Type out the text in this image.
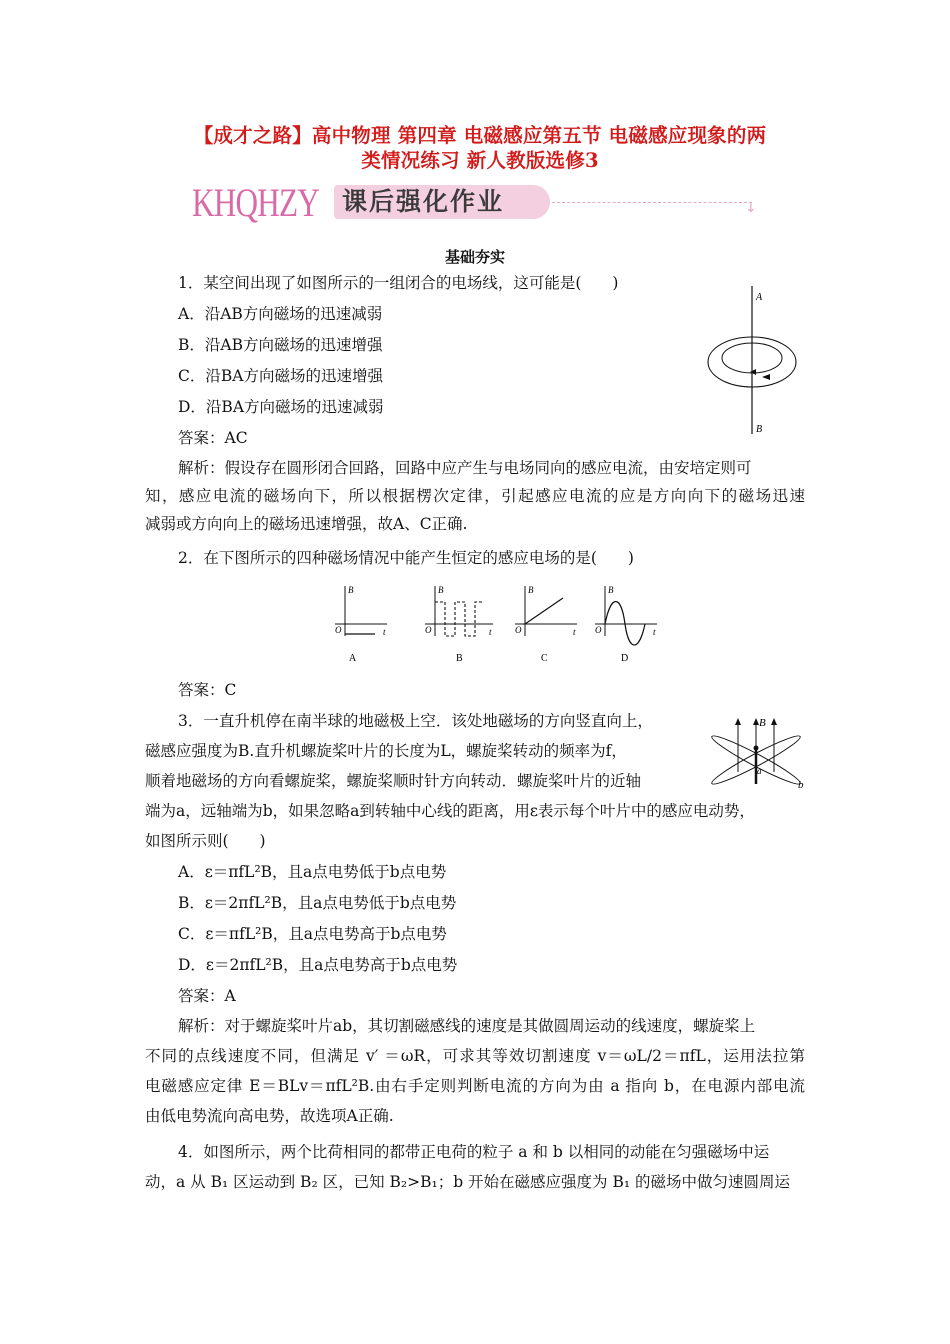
【成才之路】高中物理 第四章 电磁感应第五节 电磁感应现象的两
类情况练习 新人教版选修3
KHQHZY 课后强化作业	↓
基础夯实
1．某空间出现了如图所示的一组闭合的电场线，这可能是(　　)
A．沿AB方向磁场的迅速减弱
B．沿AB方向磁场的迅速增强
C．沿BA方向磁场的迅速增强
D．沿BA方向磁场的迅速减弱
答案：AC
A
B
解析：假设存在圆形闭合回路，回路中应产生与电场同向的感应电流，由安培定则可
知，感应电流的磁场向下，所以根据楞次定律，引起感应电流的应是方向向下的磁场迅速
减弱或方向向上的磁场迅速增强，故A、C正确.
2．在下图所示的四种磁场情况中能产生恒定的感应电场的是(　　)
B
t
O
A
B
t
O
B
B
t
O
C
B
t
O
D
答案：C
3．一直升机停在南半球的地磁极上空．该处地磁场的方向竖直向上，
磁感应强度为B.直升机螺旋桨叶片的长度为L，螺旋桨转动的频率为f，
顺着地磁场的方向看螺旋桨，螺旋桨顺时针方向转动．螺旋桨叶片的近轴
端为a，远轴端为b，如果忽略a到转轴中心线的距离，用ε表示每个叶片中的感应电动势，
如图所示则(　　)
B
a
b
A．ε＝πfL²B，且a点电势低于b点电势
B．ε＝2πfL²B，且a点电势低于b点电势
C．ε＝πfL²B，且a点电势高于b点电势
D．ε＝2πfL²B，且a点电势高于b点电势
答案：A
解析：对于螺旋桨叶片ab，其切割磁感线的速度是其做圆周运动的线速度，螺旋桨上
不同的点线速度不同，但满足 v′ ＝ωR，可求其等效切割速度 v＝ωL/2＝πfL，运用法拉第
电磁感应定律 E＝BLv＝πfL²B.由右手定则判断电流的方向为由 a 指向 b，在电源内部电流
由低电势流向高电势，故选项A正确.
4．如图所示，两个比荷相同的都带正电荷的粒子 a 和 b 以相同的动能在匀强磁场中运
动，a 从 B₁ 区运动到 B₂ 区，已知 B₂>B₁；b 开始在磁感应强度为 B₁ 的磁场中做匀速圆周运
